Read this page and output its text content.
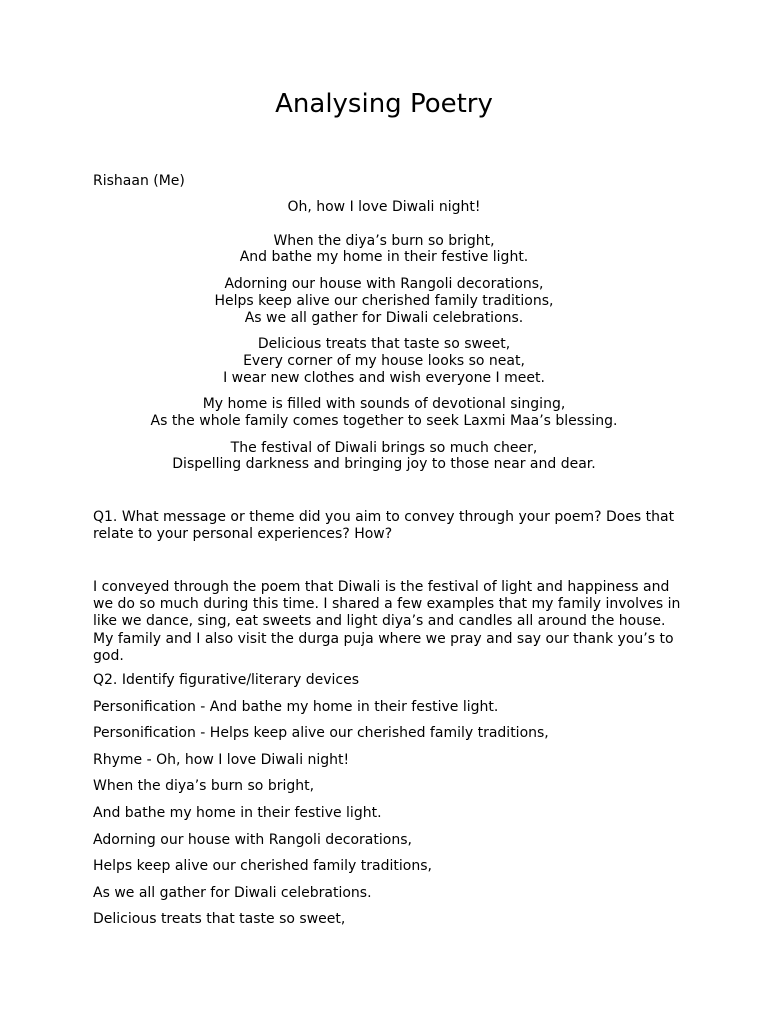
Analysing Poetry
Rishaan (Me)
Oh, how I love Diwali night!
When the diya’s burn so bright,
And bathe my home in their festive light.
Adorning our house with Rangoli decorations,
Helps keep alive our cherished family traditions,
As we all gather for Diwali celebrations.
Delicious treats that taste so sweet,
Every corner of my house looks so neat,
I wear new clothes and wish everyone I meet.
My home is filled with sounds of devotional singing,
As the whole family comes together to seek Laxmi Maa’s blessing.
The festival of Diwali brings so much cheer,
Dispelling darkness and bringing joy to those near and dear.
Q1. What message or theme did you aim to convey through your poem? Does that relate to your personal experiences? How?
I conveyed through the poem that Diwali is the festival of light and happiness and we do so much during this time. I shared a few examples that my family involves in like we dance, sing, eat sweets and light diya’s and candles all around the house. My family and I also visit the durga puja where we pray and say our thank you’s to god.
Q2. Identify figurative/literary devices
Personification - And bathe my home in their festive light.
Personification - Helps keep alive our cherished family traditions,
Rhyme - Oh, how I love Diwali night!
When the diya’s burn so bright,
And bathe my home in their festive light.
Adorning our house with Rangoli decorations,
Helps keep alive our cherished family traditions,
As we all gather for Diwali celebrations.
Delicious treats that taste so sweet,
